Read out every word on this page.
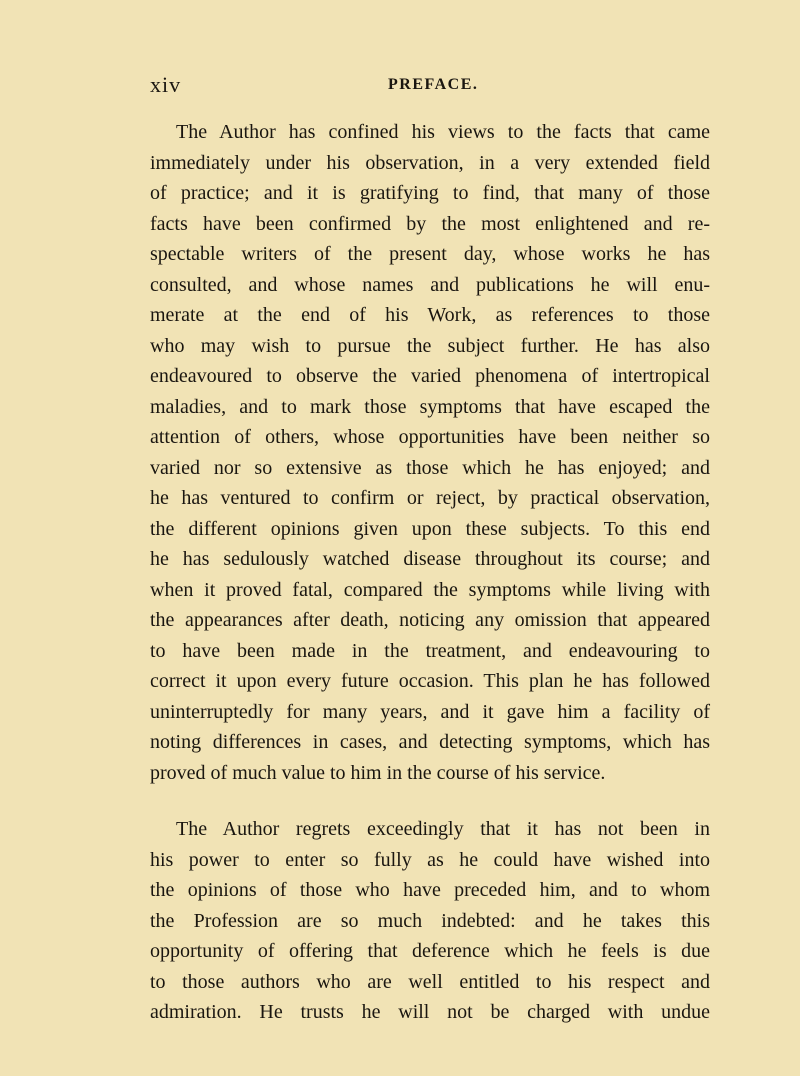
xiv	PREFACE.
The Author has confined his views to the facts that came
immediately under his observation, in a very extended field
of practice; and it is gratifying to find, that many of those
facts have been confirmed by the most enlightened and re-
spectable writers of the present day, whose works he has
consulted, and whose names and publications he will enu-
merate at the end of his Work, as references to those
who may wish to pursue the subject further. He has also
endeavoured to observe the varied phenomena of intertropical
maladies, and to mark those symptoms that have escaped the
attention of others, whose opportunities have been neither so
varied nor so extensive as those which he has enjoyed; and
he has ventured to confirm or reject, by practical observation,
the different opinions given upon these subjects. To this end
he has sedulously watched disease throughout its course; and
when it proved fatal, compared the symptoms while living with
the appearances after death, noticing any omission that appeared
to have been made in the treatment, and endeavouring to
correct it upon every future occasion. This plan he has followed
uninterruptedly for many years, and it gave him a facility of
noting differences in cases, and detecting symptoms, which has
proved of much value to him in the course of his service.
The Author regrets exceedingly that it has not been in
his power to enter so fully as he could have wished into
the opinions of those who have preceded him, and to whom
the Profession are so much indebted: and he takes this
opportunity of offering that deference which he feels is due
to those authors who are well entitled to his respect and
admiration. He trusts he will not be charged with undue
